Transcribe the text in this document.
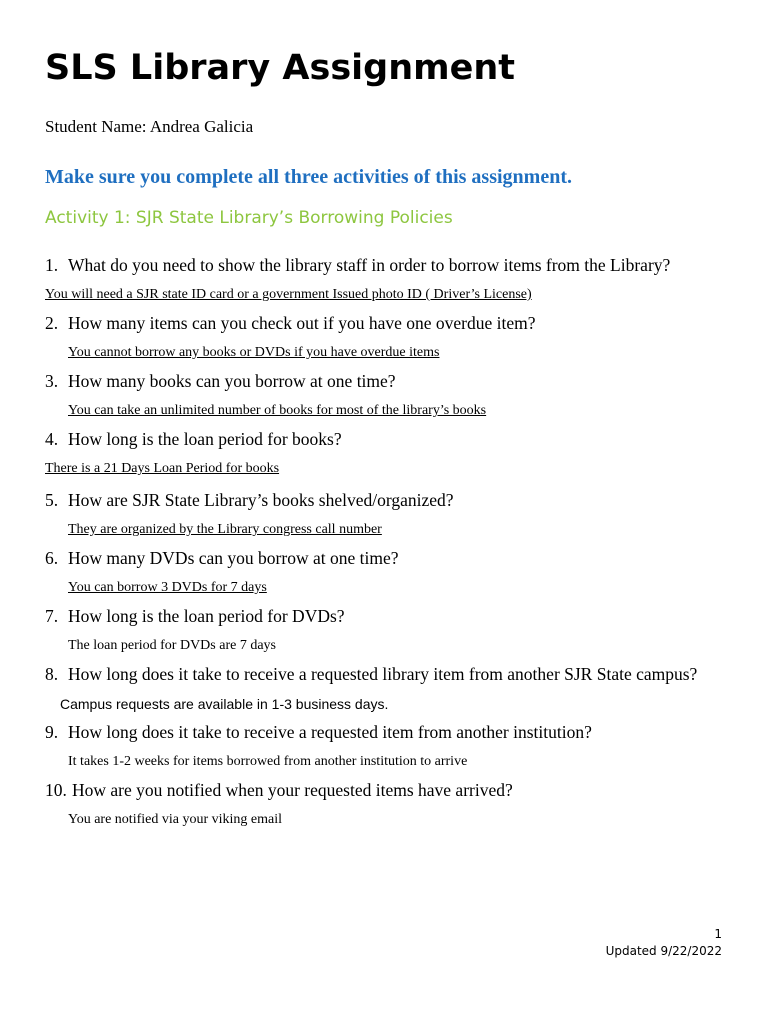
SLS Library Assignment
Student Name: Andrea Galicia
Make sure you complete all three activities of this assignment.
Activity 1: SJR State Library’s Borrowing Policies
1. What do you need to show the library staff in order to borrow items from the Library?
You will need a SJR state ID card or a government Issued photo ID ( Driver’s License)
2. How many items can you check out if you have one overdue item?
You cannot borrow any books or DVDs if you have overdue items
3. How many books can you borrow at one time?
You can take an unlimited number of books for most of the library’s books
4. How long is the loan period for books?
There is a 21 Days Loan Period for books
5. How are SJR State Library’s books shelved/organized?
They are organized by the Library congress call number
6. How many DVDs can you borrow at one time?
You can borrow 3 DVDs for 7 days
7. How long is the loan period for DVDs?
The loan period for DVDs are 7 days
8. How long does it take to receive a requested library item from another SJR State campus?
Campus requests are available in 1-3 business days.
9. How long does it take to receive a requested item from another institution?
It takes 1-2 weeks for items borrowed from another institution to arrive
10. How are you notified when your requested items have arrived?
You are notified via your viking email
1
Updated 9/22/2022
